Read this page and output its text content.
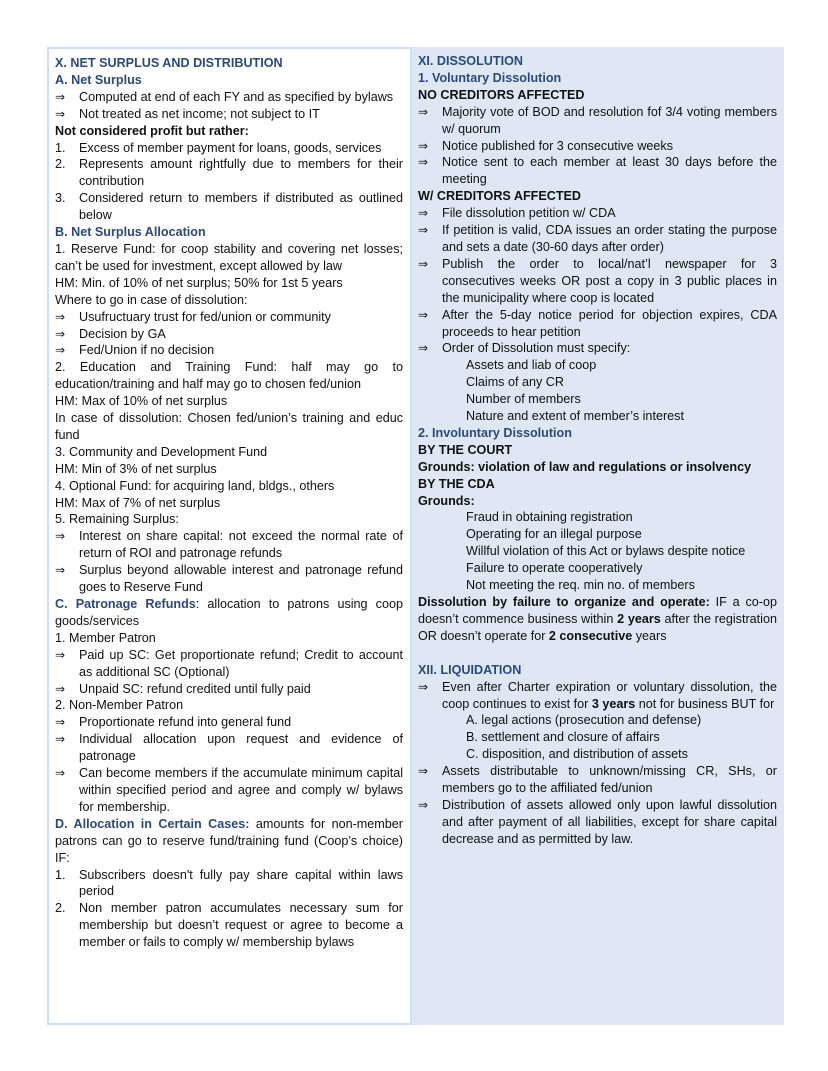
X. NET SURPLUS AND DISTRIBUTION
A. Net Surplus
⇒	Computed at end of each FY and as specified by bylaws
⇒	Not treated as net income; not subject to IT
Not considered profit but rather:
1.	Excess of member payment for loans, goods, services
2.	Represents amount rightfully due to members for their contribution
3.	Considered return to members if distributed as outlined below
B. Net Surplus Allocation
1. Reserve Fund: for coop stability and covering net losses; can’t be used for investment, except allowed by law
HM: Min. of 10% of net surplus; 50% for 1st 5 years
Where to go in case of dissolution:
⇒	Usufructuary trust for fed/union or community
⇒	Decision by GA
⇒	Fed/Union if no decision
2. Education and Training Fund: half may go to education/training and half may go to chosen fed/union
HM: Max of 10% of net surplus
In case of dissolution: Chosen fed/union’s training and educ fund
3. Community and Development Fund
HM: Min of 3% of net surplus
4. Optional Fund: for acquiring land, bldgs., others
HM: Max of 7% of net surplus
5. Remaining Surplus:
⇒	Interest on share capital: not exceed the normal rate of return of ROI and patronage refunds
⇒	Surplus beyond allowable interest and patronage refund goes to Reserve Fund
C. Patronage Refunds: allocation to patrons using coop goods/services
1. Member Patron
⇒	Paid up SC: Get proportionate refund; Credit to account as additional SC (Optional)
⇒	Unpaid SC: refund credited until fully paid
2. Non-Member Patron
⇒	Proportionate refund into general fund
⇒	Individual allocation upon request and evidence of patronage
⇒	Can become members if the accumulate minimum capital within specified period and agree and comply w/ bylaws for membership.
D. Allocation in Certain Cases: amounts for non-member patrons can go to reserve fund/training fund (Coop’s choice) IF:
1.	Subscribers doesn't fully pay share capital within laws period
2.	Non member patron accumulates necessary sum for membership but doesn’t request or agree to become a member or fails to comply w/ membership bylaws
XI. DISSOLUTION
1. Voluntary Dissolution
NO CREDITORS AFFECTED
⇒	Majority vote of BOD and resolution fof 3/4 voting members w/ quorum
⇒	Notice published for 3 consecutive weeks
⇒	Notice sent to each member at least 30 days before the meeting
W/ CREDITORS AFFECTED
⇒	File dissolution petition w/ CDA
⇒	If petition is valid, CDA issues an order stating the purpose and sets a date (30-60 days after order)
⇒	Publish the order to local/nat’l newspaper for 3 consecutives weeks OR post a copy in 3 public places in the municipality where coop is located
⇒	After the 5-day notice period for objection expires, CDA proceeds to hear petition
⇒	Order of Dissolution must specify:
Assets and liab of coop
Claims of any CR
Number of members
Nature and extent of member’s interest
2. Involuntary Dissolution
BY THE COURT
Grounds: violation of law and regulations or insolvency
BY THE CDA
Grounds:
Fraud in obtaining registration
Operating for an illegal purpose
Willful violation of this Act or bylaws despite notice
Failure to operate cooperatively
Not meeting the req. min no. of members
Dissolution by failure to organize and operate: IF a co-op doesn’t commence business within 2 years after the registration OR doesn’t operate for 2 consecutive years
XII. LIQUIDATION
⇒	Even after Charter expiration or voluntary dissolution, the coop continues to exist for 3 years not for business BUT for
A. legal actions (prosecution and defense)
B. settlement and closure of affairs
C. disposition, and distribution of assets
⇒	Assets distributable to unknown/missing CR, SHs, or members go to the affiliated fed/union
⇒	Distribution of assets allowed only upon lawful dissolution and after payment of all liabilities, except for share capital decrease and as permitted by law.
